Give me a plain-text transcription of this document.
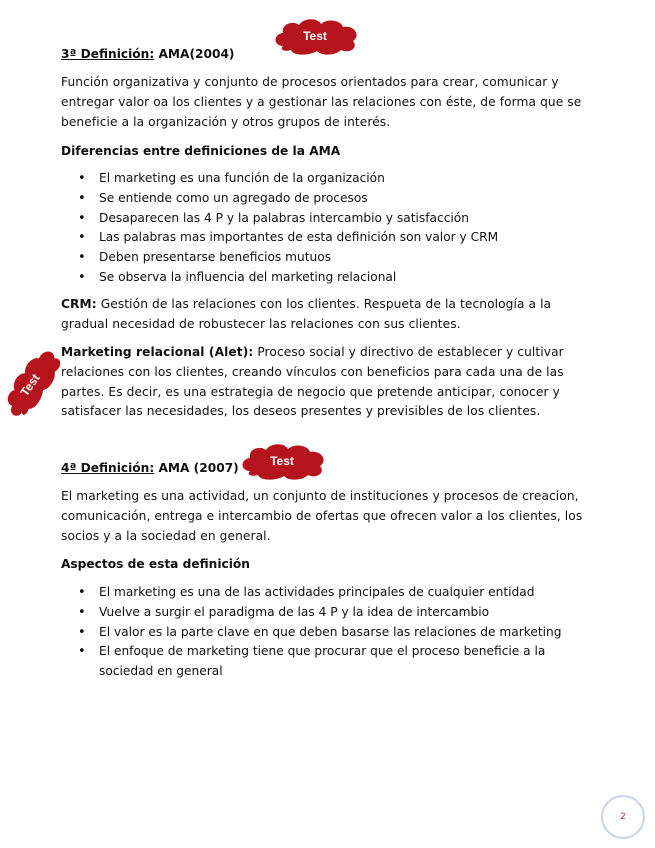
Test
Test
Test
3ª Definición: AMA(2004)
Función organizativa y conjunto de procesos orientados para crear, comunicar y entregar valor oa los clientes y a gestionar las relaciones con éste, de forma que se beneficie a la organización y otros grupos de interés.
Diferencias entre definiciones de la AMA
• El marketing es una función de la organización
• Se entiende como un agregado de procesos
• Desaparecen las 4 P y la palabras intercambio y satisfacción
• Las palabras mas importantes de esta definición son valor y CRM
• Deben presentarse beneficios mutuos
• Se observa la influencia del marketing relacional
CRM: Gestión de las relaciones con los clientes. Respueta de la tecnología a la gradual necesidad de robustecer las relaciones con sus clientes.
Marketing relacional (Alet): Proceso social y directivo de establecer y cultivar relaciones con los clientes, creando vínculos con beneficios para cada una de las partes. Es decir, es una estrategia de negocio que pretende anticipar, conocer y satisfacer las necesidades, los deseos presentes y previsibles de los clientes.
4ª Definición: AMA (2007)
El marketing es una actividad, un conjunto de instituciones y procesos de creacion, comunicación, entrega e intercambio de ofertas que ofrecen valor a los clientes, los socios y a la sociedad en general.
Aspectos de esta definición
• El marketing es una de las actividades principales de cualquier entidad
• Vuelve a surgir el paradigma de las 4 P y la idea de intercambio
• El valor es la parte clave en que deben basarse las relaciones de marketing
• El enfoque de marketing tiene que procurar que el proceso beneficie a la sociedad en general
2
